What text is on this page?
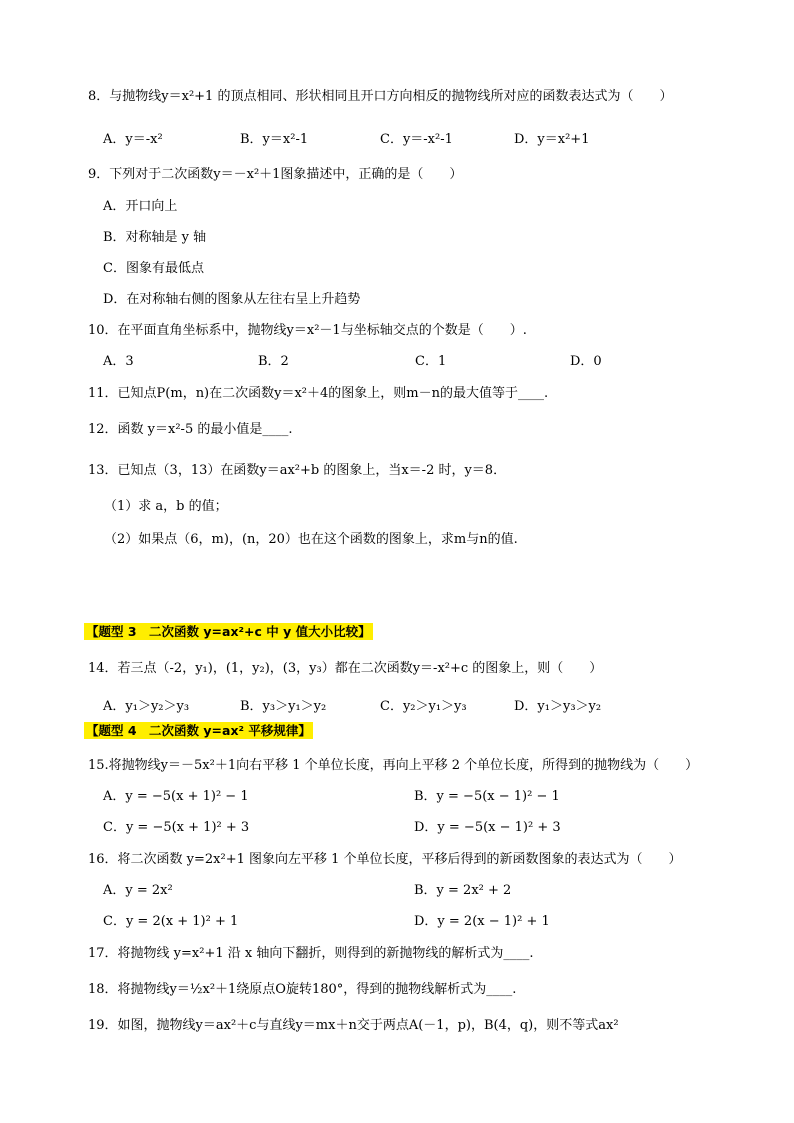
8．与抛物线y＝x²+1 的顶点相同、形状相同且开口方向相反的抛物线所对应的函数表达式为（　　）
A．y＝-x²	B．y＝x²-1	C．y＝-x²-1	D．y＝x²+1
9．下列对于二次函数y＝－x²＋1图象描述中，正确的是（　　）
A．开口向上
B．对称轴是 y 轴
C．图象有最低点
D．在对称轴右侧的图象从左往右呈上升趋势
10．在平面直角坐标系中，抛物线y＝x²－1与坐标轴交点的个数是（　　）.
A．3	B．2	C．1	D．0
11．已知点P(m，n)在二次函数y＝x²＋4的图象上，则m－n的最大值等于____.
12．函数 y＝x²-5 的最小值是____.
13．已知点（3，13）在函数y＝ax²+b 的图象上，当x＝-2 时，y＝8．
（1）求 a，b 的值；
（2）如果点（6，m)，(n，20）也在这个函数的图象上，求m与n的值.
【题型 3　二次函数 y=ax²+c 中 y 值大小比较】
14．若三点（-2，y₁)，(1，y₂)，(3，y₃）都在二次函数y＝-x²+c 的图象上，则（　　）
A．y₁＞y₂＞y₃	B．y₃＞y₁＞y₂	C．y₂＞y₁＞y₃	D．y₁＞y₃＞y₂
【题型 4　二次函数 y=ax² 平移规律】
15.将抛物线y＝－5x²＋1向右平移 1 个单位长度，再向上平移 2 个单位长度，所得到的抛物线为（　　）
A．y = −5(x + 1)² − 1	B．y = −5(x − 1)² − 1
C．y = −5(x + 1)² + 3	D．y = −5(x − 1)² + 3
16．将二次函数 y=2x²+1 图象向左平移 1 个单位长度，平移后得到的新函数图象的表达式为（　　）
A．y = 2x²	B．y = 2x² + 2
C．y = 2(x + 1)² + 1	D．y = 2(x − 1)² + 1
17．将抛物线 y=x²+1 沿 x 轴向下翻折，则得到的新抛物线的解析式为____.
18．将抛物线y＝½x²＋1绕原点O旋转180°，得到的抛物线解析式为____.
19．如图，抛物线y＝ax²＋c与直线y＝mx＋n交于两点A(－1，p)，B(4，q)，则不等式ax²
